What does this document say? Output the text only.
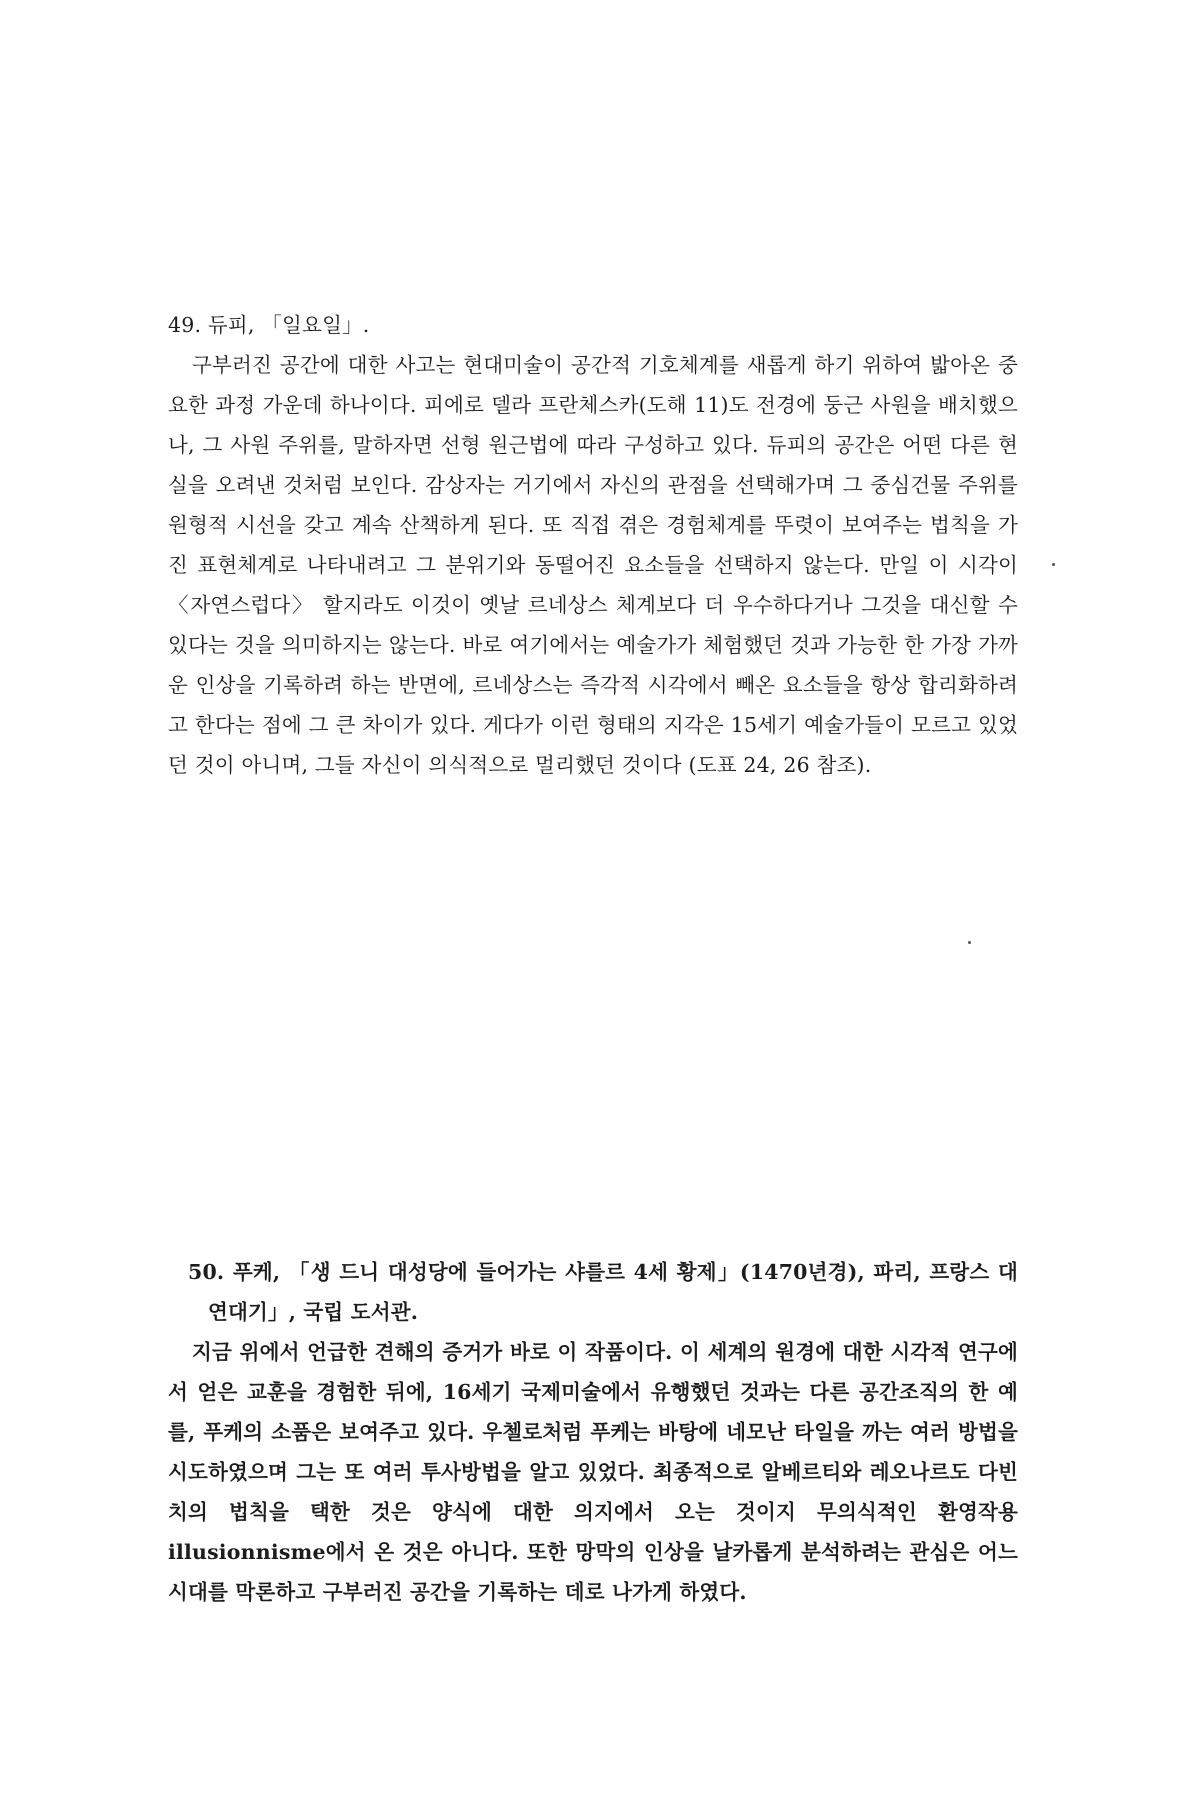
49. 듀피, 「일요일」.

구부러진 공간에 대한 사고는 현대미술이 공간적 기호체계를 새롭게 하기 위하여 밟아온 중요한 과정 가운데 하나이다. 피에로 델라 프란체스카(도해 11)도 전경에 둥근 사원을 배치했으나, 그 사원 주위를, 말하자면 선형 원근법에 따라 구성하고 있다. 듀피의 공간은 어떤 다른 현실을 오려낸 것처럼 보인다. 감상자는 거기에서 자신의 관점을 선택해가며 그 중심건물 주위를 원형적 시선을 갖고 계속 산책하게 된다. 또 직접 겪은 경험체계를 뚜렷이 보여주는 법칙을 가진 표현체계로 나타내려고 그 분위기와 동떨어진 요소들을 선택하지 않는다. 만일 이 시각이 〈자연스럽다〉 할지라도 이것이 옛날 르네상스 체계보다 더 우수하다거나 그것을 대신할 수 있다는 것을 의미하지는 않는다. 바로 여기에서는 예술가가 체험했던 것과 가능한 한 가장 가까운 인상을 기록하려 하는 반면에, 르네상스는 즉각적 시각에서 빼온 요소들을 항상 합리화하려고 한다는 점에 그 큰 차이가 있다. 게다가 이런 형태의 지각은 15세기 예술가들이 모르고 있었던 것이 아니며, 그들 자신이 의식적으로 멀리했던 것이다 (도표 24, 26 참조).

50. 푸케, 「생 드니 대성당에 들어가는 샤를르 4세 황제」(1470년경), 파리, 프랑스 대연대기」, 국립 도서관.

지금 위에서 언급한 견해의 증거가 바로 이 작품이다. 이 세계의 원경에 대한 시각적 연구에서 얻은 교훈을 경험한 뒤에, 16세기 국제미술에서 유행했던 것과는 다른 공간조직의 한 예를, 푸케의 소품은 보여주고 있다. 우첼로처럼 푸케는 바탕에 네모난 타일을 까는 여러 방법을 시도하였으며 그는 또 여러 투사방법을 알고 있었다. 최종적으로 알베르티와 레오나르도 다빈치의 법칙을 택한 것은 양식에 대한 의지에서 오는 것이지 무의식적인 환영작용illusionnisme에서 온 것은 아니다. 또한 망막의 인상을 날카롭게 분석하려는 관심은 어느 시대를 막론하고 구부러진 공간을 기록하는 데로 나가게 하였다.
